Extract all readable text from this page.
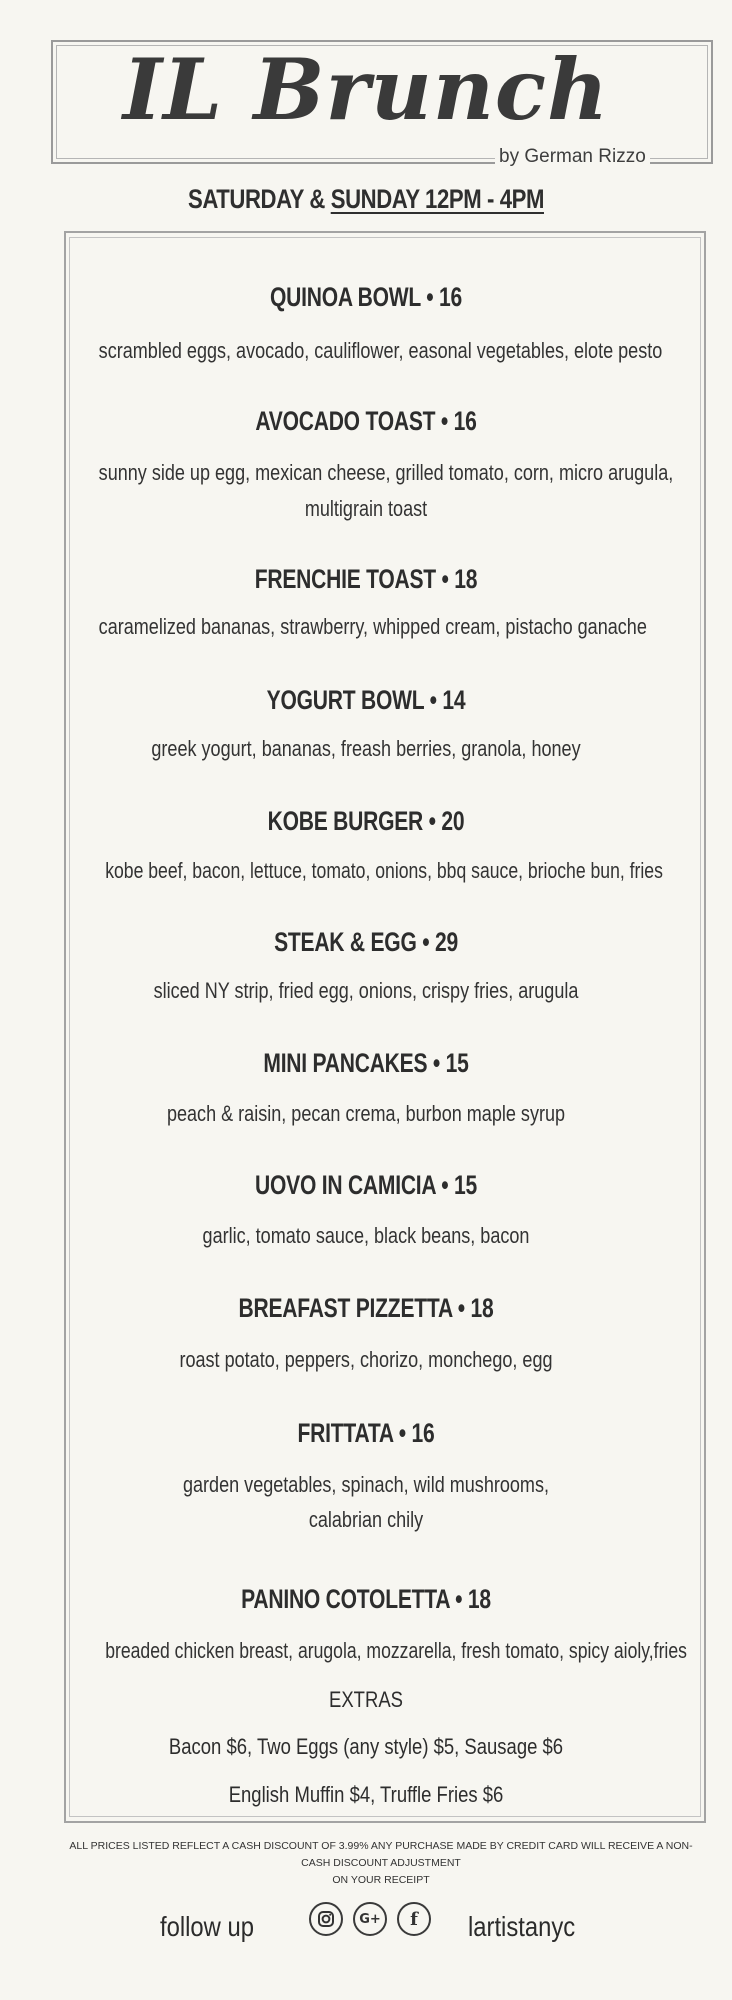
IL Brunch
by German Rizzo
SATURDAY & SUNDAY 12PM - 4PM
QUINOA BOWL • 16
scrambled eggs, avocado, cauliflower, easonal vegetables, elote pesto
AVOCADO TOAST • 16
sunny side up egg, mexican cheese, grilled tomato, corn, micro arugula,
multigrain toast
FRENCHIE TOAST • 18
caramelized bananas, strawberry, whipped cream, pistacho ganache
YOGURT BOWL • 14
greek yogurt, bananas, freash berries, granola, honey
KOBE BURGER • 20
kobe beef, bacon, lettuce, tomato, onions, bbq sauce, brioche bun, fries
STEAK & EGG • 29
sliced NY strip, fried egg, onions, crispy fries, arugula
MINI PANCAKES • 15
peach & raisin, pecan crema, burbon maple syrup
UOVO IN CAMICIA • 15
garlic, tomato sauce, black beans, bacon
BREAFAST PIZZETTA • 18
roast potato, peppers, chorizo, monchego, egg
FRITTATA • 16
garden vegetables, spinach, wild mushrooms,
calabrian chily
PANINO COTOLETTA • 18
breaded chicken breast, arugola, mozzarella, fresh tomato, spicy aioly,fries
EXTRAS
Bacon $6, Two Eggs (any style) $5, Sausage $6
English Muffin $4, Truffle Fries $6
ALL PRICES LISTED REFLECT A CASH DISCOUNT OF 3.99% ANY PURCHASE MADE BY CREDIT CARD WILL RECEIVE A NON-CASH DISCOUNT ADJUSTMENT
ON YOUR RECEIPT
follow up	G+	f	lartistanyc
